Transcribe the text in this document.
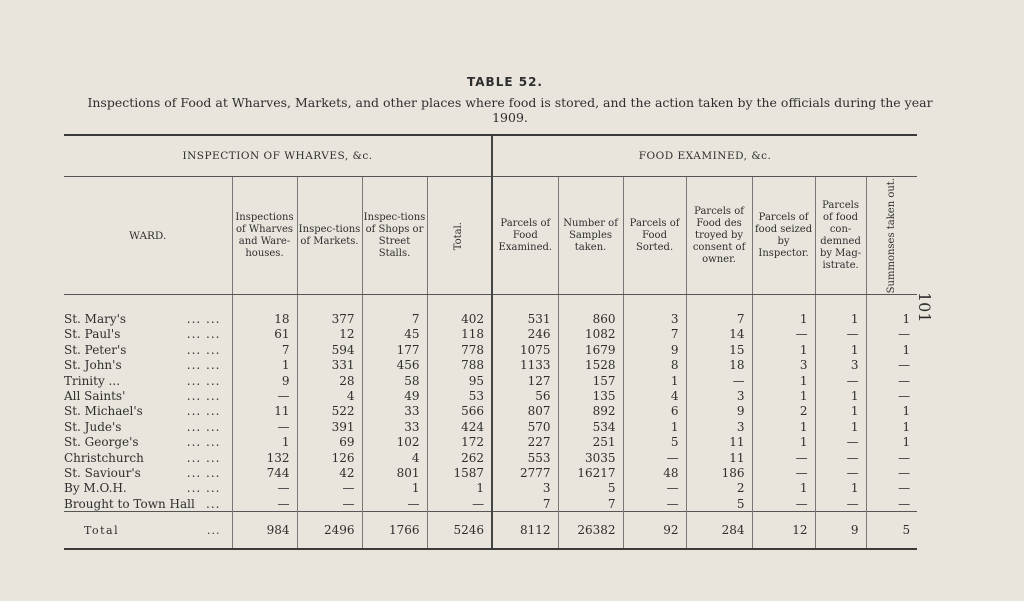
TABLE 52.
Inspections of Food at Wharves, Markets, and other places where food is stored, and the action taken by the officials during the year 1909.
101
INSPECTION OF WHARVES, &c.					FOOD EXAMINED, &c.						
WARD.	Inspections of Wharves and Ware-houses.	Inspec-tions of Markets.	Inspec-tions of Shops or Street Stalls.	Total.	Parcels of Food Examined.	Number of Samples taken.	Parcels of Food Sorted.	Parcels of Food des troyed by consent of owner.	Parcels of food seized by Inspector.	Parcels of food con-demned by Mag-istrate.	Summonses taken out.

St. Mary's ... ...	18	377	7	402	531	860	3	7	1	1	1
St. Paul's ... ...	61	12	45	118	246	1082	7	14	—	—	—
St. Peter's ... ...	7	594	177	778	1075	1679	9	15	1	1	1
St. John's ... ...	1	331	456	788	1133	1528	8	18	3	3	—
Trinity ... ... ...	9	28	58	95	127	157	1	—	1	—	—
All Saints' ... ...	—	4	49	53	56	135	4	3	1	1	—
St. Michael's ... ...	11	522	33	566	807	892	6	9	2	1	1
St. Jude's ... ...	—	391	33	424	570	534	1	3	1	1	1
St. George's ... ...	1	69	102	172	227	251	5	11	1	—	1
Christchurch ... ...	132	126	4	262	553	3035	—	11	—	—	—
St. Saviour's ... ...	744	42	801	1587	2777	16217	48	186	—	—	—
By M.O.H. ... ...	—	—	1	1	3	5	—	2	1	1	—
Brought to Town Hall ...	—	—	—	—	7	7	—	5	—	—	—
Total ...	984	2496	1766	5246	8112	26382	92	284	12	9	5
